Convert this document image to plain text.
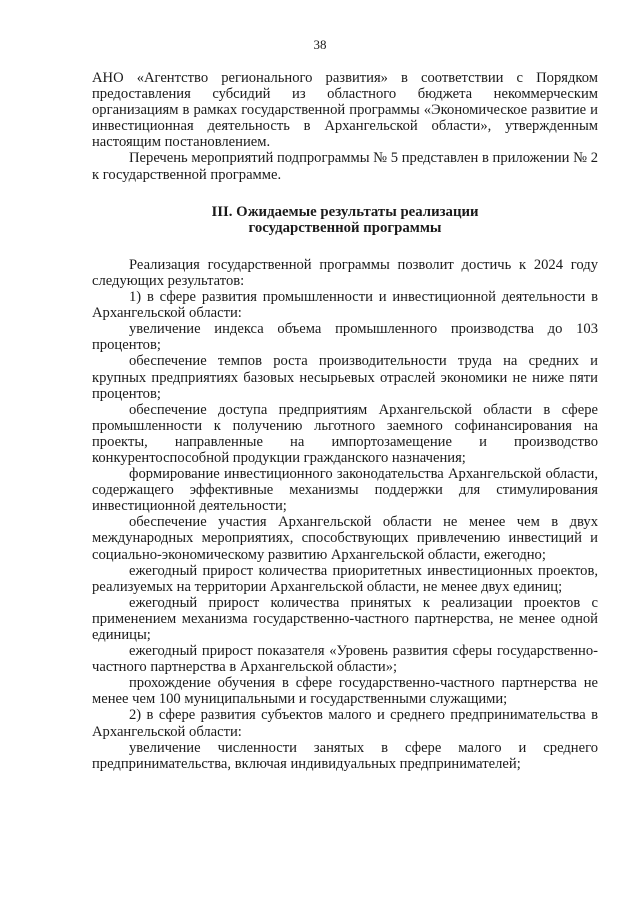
38

АНО «Агентство регионального развития» в соответствии с Порядком предоставления субсидий из областного бюджета некоммерческим организациям в рамках государственной программы «Экономическое развитие и инвестиционная деятельность в Архангельской области», утвержденным настоящим постановлением.

Перечень мероприятий подпрограммы № 5 представлен в приложении № 2 к государственной программе.

III. Ожидаемые результаты реализации
государственной программы

Реализация государственной программы позволит достичь к 2024 году следующих результатов:

1) в сфере развития промышленности и инвестиционной деятельности в Архангельской области:

увеличение индекса объема промышленного производства до 103 процентов;

обеспечение темпов роста производительности труда на средних и крупных предприятиях базовых несырьевых отраслей экономики не ниже пяти процентов;

обеспечение доступа предприятиям Архангельской области в сфере промышленности к получению льготного заемного софинансирования на проекты, направленные на импортозамещение и производство конкурентоспособной продукции гражданского назначения;

формирование инвестиционного законодательства Архангельской области, содержащего эффективные механизмы поддержки для стимулирования инвестиционной деятельности;

обеспечение участия Архангельской области не менее чем в двух международных мероприятиях, способствующих привлечению инвестиций и социально-экономическому развитию Архангельской области, ежегодно;

ежегодный прирост количества приоритетных инвестиционных проектов, реализуемых на территории Архангельской области, не менее двух единиц;

ежегодный прирост количества принятых к реализации проектов с применением механизма государственно-частного партнерства, не менее одной единицы;

ежегодный прирост показателя «Уровень развития сферы государственно-частного партнерства в Архангельской области»;

прохождение обучения в сфере государственно-частного партнерства не менее чем 100 муниципальными и государственными служащими;

2) в сфере развития субъектов малого и среднего предпринимательства в Архангельской области:

увеличение численности занятых в сфере малого и среднего предпринимательства, включая индивидуальных предпринимателей;
